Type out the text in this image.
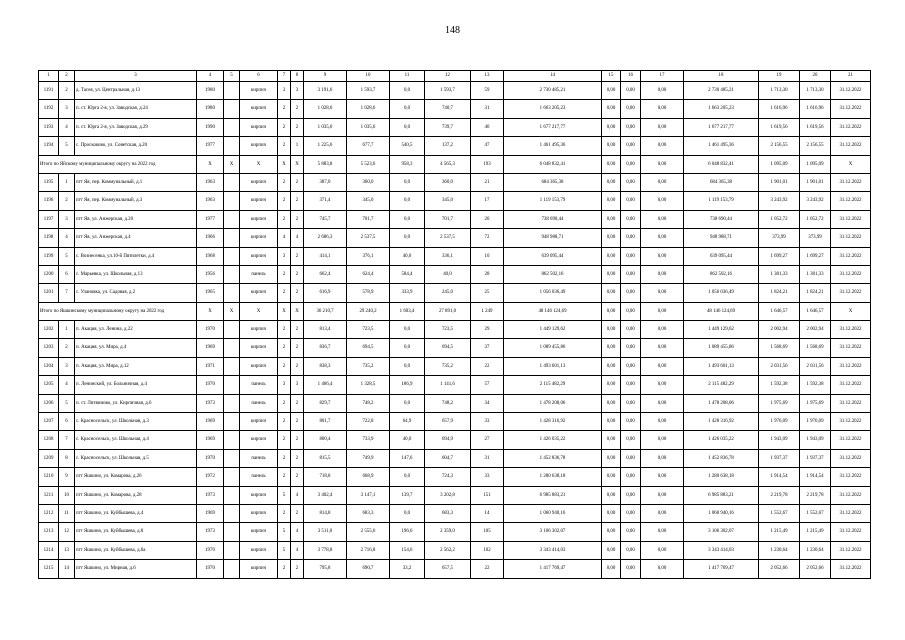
148
1	2	3	4	5	6	7	8	9	10	11	12	13	14	15	16	17	18	19	20	21
1191	2	д. Тасея, ул. Центральная, д.13	1980		кирпич	3	3	3 191,6	1 593,7	0,0	1 593,7	59	2 730 485,21	0,00	0,00	0,00	2 730 485,21	1 713,30	1 713,30	31.12.2022
1192	3	п. ст. Юрга 2-я, ул. Заводская, д.24	1980		кирпич	2	2	1 028,6	1 028,6	0,0	740,7	31	1 663 205,23	0,00	0,00	0,00	1 663 205,23	1 616,96	1 616,96	31.12.2022
1193	4	п. ст. Юрга 2-я, ул. Заводская, д.29	1990		кирпич	2	2	1 035,6	1 035,6	0,0	739,7	40	1 677 217,77	0,00	0,00	0,00	1 677 217,77	1 619,56	1 619,56	31.12.2022
1194	5	с. Проскоково, ул. Советская, д.20	1977		кирпич	2	1	1 225,6	677,7	540,5	137,2	47	1 461 495,36	0,00	0,00	0,00	1 461 495,36	2 156,55	2 156,55	31.12.2022
Итого по Яйскому муниципальному округу на 2022 год			X	X	X	X	X	5 883,8	5 523,6	958,3	4 565,3	193	6 048 832,41	0,00	0,00	0,00	6 048 832,41	1 095,09	1 095,09	X
1195	1	пгт Яя, пер. Коммунальный, д.1	1963		кирпич	2	2	387,0	360,0	0,0	360,0	21	684 365,38	0,00	0,00	0,00	684 365,38	1 901,01	1 901,01	31.12.2022
1196	2	пгт Яя, пер. Коммунальный, д.3	1963		кирпич	2	2	371,4	345,0	0,0	345,0	17	1 119 153,79	0,00	0,00	0,00	1 119 153,79	3 243,92	3 243,92	31.12.2022
1197	3	пгт Яя, ул. Анжерская, д.20	1977		кирпич	2	2	745,7	701,7	0,0	701,7	20	738 690,44	0,00	0,00	0,00	738 690,44	1 052,72	1 052,72	31.12.2022
1198	4	пгт Яя, ул. Анжерская, д.4	1966		кирпич	4	4	2 686,3	2 537,5	0,0	2 537,5	72	948 988,71	0,00	0,00	0,00	948 988,71	373,99	373,99	31.12.2022
1199	5	с. Вознесенка, ул.10-й Пятилетки, д.4	1968		кирпич	3	2	414,1	376,1	40,0	336,1	10	639 095,44	0,00	0,00	0,00	639 095,44	1 699,27	1 699,27	31.12.2022
1200	6	с. Марьевка, ул. Школьная, д.13	1956		панель	2	2	662,4	624,4	584,4	40,0	28	862 502,16	0,00	0,00	0,00	862 502,16	1 381,33	1 381,33	31.12.2022
1201	7	с. Улановка, ул. Садовая, д.2	1965		кирпич	2	2	616,9	578,9	333,9	245,0	25	1 056 036,49	0,00	0,00	0,00	1 056 036,49	1 824,21	1 824,21	31.12.2022
Итого по Яшкинскому муниципальному округу на 2022 год			X	X	X	X	X	36 210,7	29 240,2	1 603,4	27 891,0	1 249	48 146 124,69	0,00	0,00	0,00	48 146 124,69	1 646,57	1 646,57	X
1202	1	п. Акация, ул. Ленина, д.22	1970		кирпич	2	2	813,4	723,5	0,0	723,5	29	1 449 129,62	0,00	0,00	0,00	1 449 129,62	2 002,94	2 002,94	31.12.2022
1203	2	п. Акация, ул. Мира, д.4	1969		кирпич	2	2	836,7	694,5	0,0	694,5	37	1 089 455,86	0,00	0,00	0,00	1 089 455,86	1 568,69	1 568,69	31.12.2022
1204	3	п. Акация, ул. Мира, д.12	1971		кирпич	2	2	838,3	735,2	0,0	735,2	22	1 493 601,13	0,00	0,00	0,00	1 493 601,13	2 031,56	2 031,56	31.12.2022
1205	4	п. Ленинский, ул. Больничная, д.4	1970		панель	3	3	1 466,4	1 328,5	186,9	1 141,6	57	2 115 482,29	0,00	0,00	0,00	2 115 482,29	1 592,38	1 592,38	31.12.2022
1206	5	п. ст. Литвиново, ул. Кирпичная, д.6	1973		панель	2	2	829,7	748,2	0,0	748,2	34	1 478 208,06	0,00	0,00	0,00	1 478 208,06	1 975,69	1 975,69	31.12.2022
1207	6	с. Красносельск, ул. Школьная, д.3	1969		кирпич	2	2	801,7	722,8	64,9	657,9	33	1 428 316,92	0,00	0,00	0,00	1 428 316,92	1 976,09	1 976,09	31.12.2022
1208	7	с. Красносельск, ул. Школьная, д.4	1969		кирпич	2	2	800,4	733,9	40,0	694,9	27	1 426 035,22	0,00	0,00	0,00	1 426 035,22	1 943,09	1 943,09	31.12.2022
1209	8	с. Красносельск, ул. Школьная, д.5	1970		панель	2	2	815,5	749,9	147,6	604,7	31	1 452 836,78	0,00	0,00	0,00	1 452 836,78	1 937,37	1 937,37	31.12.2022
1210	9	пгт Яшкино, ул. Комарова, д.26	1972		панель	2	2	718,8	668,9	0,0	724,3	33	1 280 638,18	0,00	0,00	0,00	1 280 638,18	1 914,54	1 914,54	31.12.2022
1211	10	пгт Яшкино, ул. Комарова, д.28	1973		кирпич	5	4	3 402,4	3 147,1	139,7	3 202,8	151	6 985 883,21	0,00	0,00	0,00	6 985 883,21	2 219,78	2 219,78	31.12.2022
1212	11	пгт Яшкино, ул. Куйбышева, д.4	1969		кирпич	2	2	814,8	683,3	0,0	683,3	14	1 060 940,16	0,00	0,00	0,00	1 060 940,16	1 552,67	1 552,67	31.12.2022
1213	12	пгт Яшкино, ул. Куйбышева, д.8	1973		кирпич	5	4	3 511,0	2 555,6	196,6	2 359,0	105	3 106 302,07	0,00	0,00	0,00	3 106 302,07	1 215,49	1 215,49	31.12.2022
1214	13	пгт Яшкино, ул. Куйбышева, д.8а	1970		кирпич	5	4	3 778,8	2 716,8	154,6	2 562,2	102	3 343 414,03	0,00	0,00	0,00	3 343 414,03	1 230,64	1 230,64	31.12.2022
1215	14	пгт Яшкино, ул. Мирная, д.6	1970		кирпич	2	2	795,8	690,7	33,2	657,5	22	1 417 769,47	0,00	0,00	0,00	1 417 769,47	2 052,66	2 052,66	31.12.2022
